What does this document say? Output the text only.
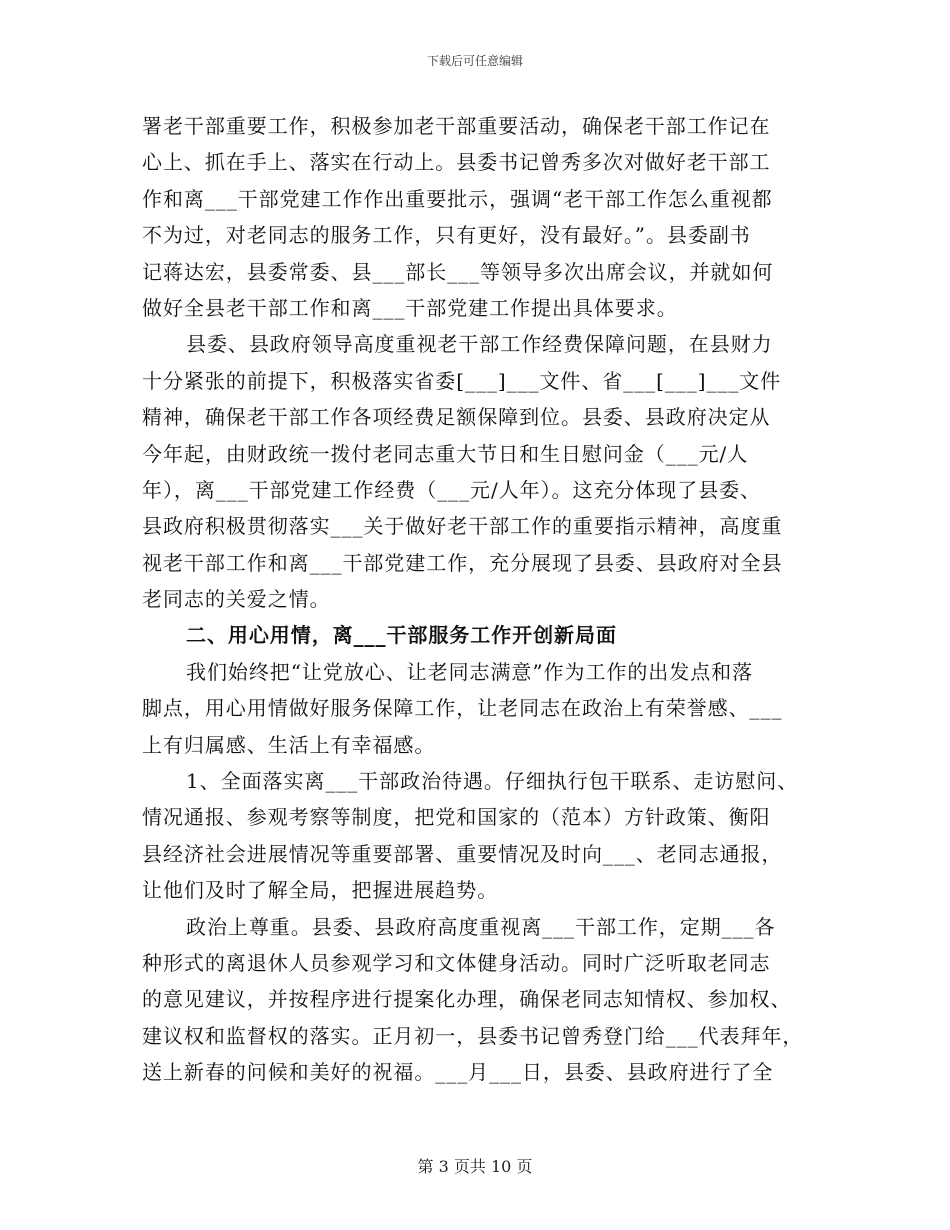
下载后可任意编辑
署老干部重要工作，积极参加老干部重要活动，确保老干部工作记在
心上、抓在手上、落实在行动上。县委书记曾秀多次对做好老干部工
作和离___干部党建工作作出重要批示，强调“老干部工作怎么重视都
不为过，对老同志的服务工作，只有更好，没有最好。”。县委副书
记蒋达宏，县委常委、县___部长___等领导多次出席会议，并就如何
做好全县老干部工作和离___干部党建工作提出具体要求。
县委、县政府领导高度重视老干部工作经费保障问题，在县财力
十分紧张的前提下，积极落实省委[___]___文件、省___[___]___文件
精神，确保老干部工作各项经费足额保障到位。县委、县政府决定从
今年起，由财政统一拨付老同志重大节日和生日慰问金（___元/人
年），离___干部党建工作经费（___元/人年）。这充分体现了县委、
县政府积极贯彻落实___关于做好老干部工作的重要指示精神，高度重
视老干部工作和离___干部党建工作，充分展现了县委、县政府对全县
老同志的关爱之情。
二、用心用情，离___干部服务工作开创新局面
我们始终把“让党放心、让老同志满意”作为工作的出发点和落
脚点，用心用情做好服务保障工作，让老同志在政治上有荣誉感、___
上有归属感、生活上有幸福感。
1、全面落实离___干部政治待遇。仔细执行包干联系、走访慰问、
情况通报、参观考察等制度，把党和国家的（范本）方针政策、衡阳
县经济社会进展情况等重要部署、重要情况及时向___、老同志通报，
让他们及时了解全局，把握进展趋势。
政治上尊重。县委、县政府高度重视离___干部工作，定期___各
种形式的离退休人员参观学习和文体健身活动。同时广泛听取老同志
的意见建议，并按程序进行提案化办理，确保老同志知情权、参加权、
建议权和监督权的落实。正月初一，县委书记曾秀登门给___代表拜年，
送上新春的问候和美好的祝福。___月___日，县委、县政府进行了全
第 3 页共 10 页
